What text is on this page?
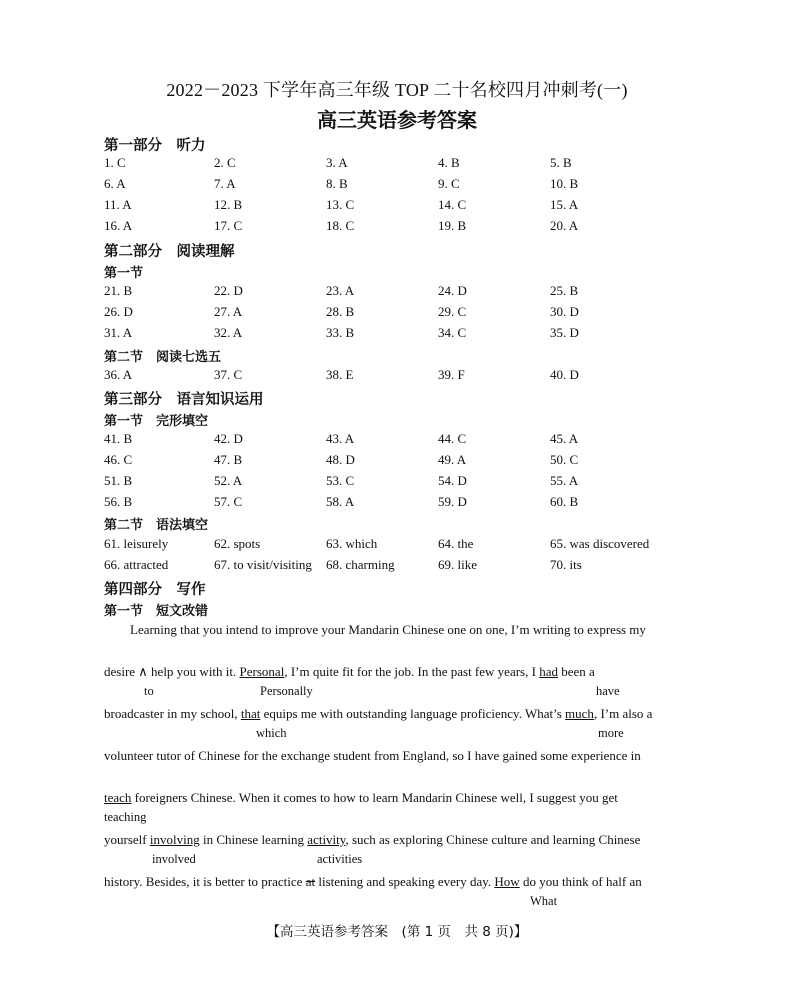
2022－2023 下学年高三年级 TOP 二十名校四月冲刺考(一)
高三英语参考答案
第一部分　听力
第二部分　阅读理解
第一节
第二节　阅读七选五
第三部分　语言知识运用
第一节　完形填空
第二节　语法填空
第四部分　写作
第一节　短文改错
1. C	2. C	3. A	4. B	5. B
6. A	7. A	8. B	9. C	10. B
11. A	12. B	13. C	14. C	15. A
16. A	17. C	18. C	19. B	20. A
21. B	22. D	23. A	24. D	25. B
26. D	27. A	28. B	29. C	30. D
31. A	32. A	33. B	34. C	35. D
36. A	37. C	38. E	39. F	40. D
41. B	42. D	43. A	44. C	45. A
46. C	47. B	48. D	49. A	50. C
51. B	52. A	53. C	54. D	55. A
56. B	57. C	58. A	59. D	60. B
61. leisurely	62. spots	63. which	64. the	65. was discovered
66. attracted	67. to visit/visiting 68. charming	69. like	70. its
Learning that you intend to improve your Mandarin Chinese one on one, I’m writing to express my
desire ∧ help you with it. Personal, I’m quite fit for the job. In the past few years, I had been a
to	Personally	have
broadcaster in my school, that equips me with outstanding language proficiency. What’s much, I’m also a
which	more
volunteer tutor of Chinese for the exchange student from England, so I have gained some experience in
teach foreigners Chinese. When it comes to how to learn Mandarin Chinese well, I suggest you get
teaching
yourself involving in Chinese learning activity, such as exploring Chinese culture and learning Chinese
involved	activities
history. Besides, it is better to practice at listening and speaking every day. How do you think of half an
What
【高三英语参考答案　(第 1 页　共 8 页)】
